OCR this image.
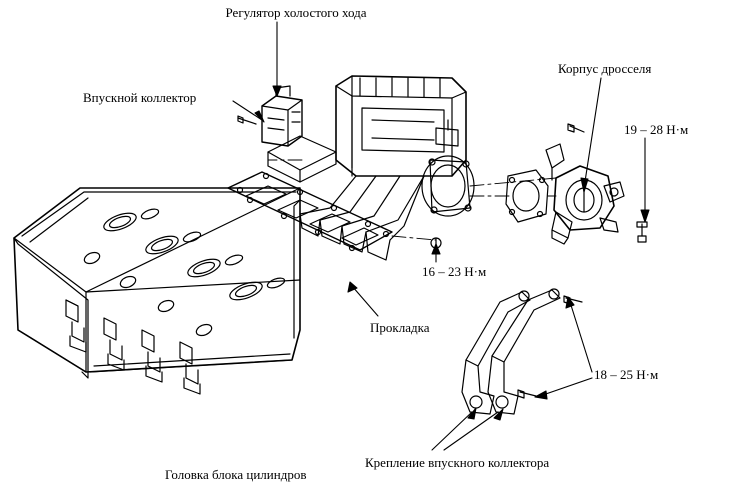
Регулятор холостого хода
Впускной коллектор
Корпус дросселя
19 – 28 Н·м
16 – 23 Н·м
Прокладка
18 – 25 Н·м
Головка блока цилиндров
Крепление впускного коллектора
